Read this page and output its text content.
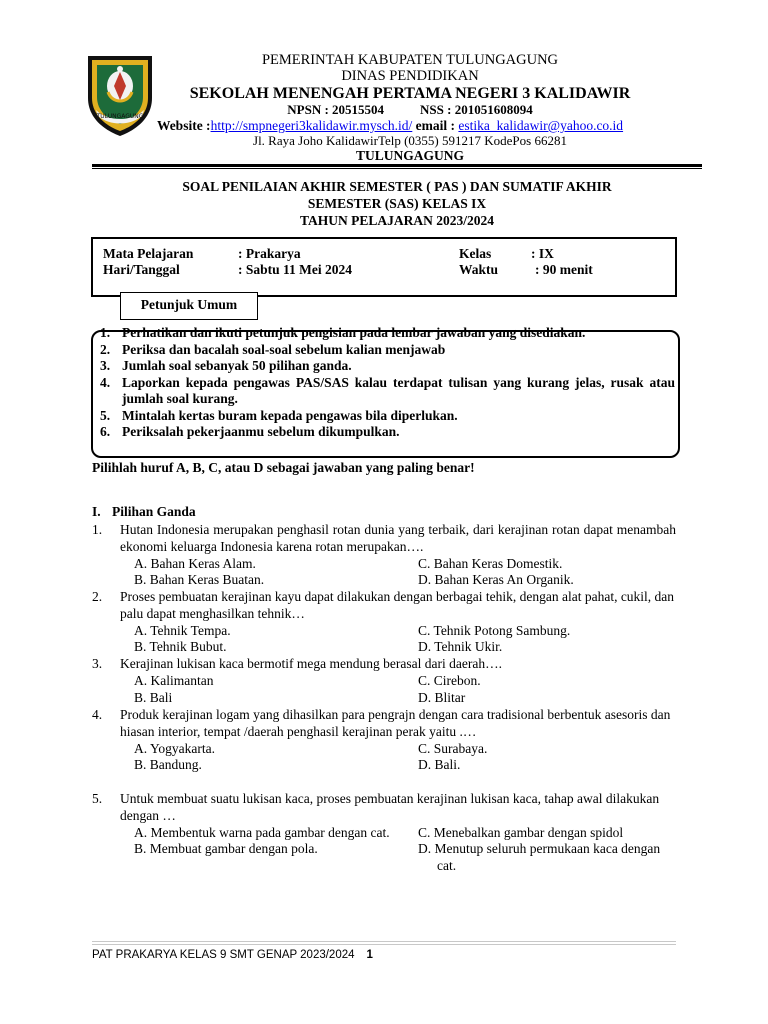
TULUNGAGUNG
PEMERINTAH KABUPATEN TULUNGAGUNG
DINAS PENDIDIKAN
SEKOLAH MENENGAH PERTAMA NEGERI 3 KALIDAWIR
NPSN : 20515504	NSS : 201051608094
Website :http://smpnegeri3kalidawir.mysch.id/ email : estika_kalidawir@yahoo.co.id
Jl. Raya Joho KalidawirTelp (0355) 591217 KodePos 66281
TULUNGAGUNG
SOAL PENILAIAN AKHIR SEMESTER ( PAS ) DAN SUMATIF AKHIR
SEMESTER (SAS) KELAS IX
TAHUN PELAJARAN 2023/2024
Mata Pelajaran	: Prakarya	Kelas	: IX
Hari/Tanggal	: Sabtu 11 Mei 2024	Waktu	: 90 menit
Petunjuk Umum
1. Perhatikan dan ikuti petunjuk pengisian pada lembar jawaban yang disediakan.
2. Periksa dan bacalah soal-soal sebelum kalian menjawab
3. Jumlah soal sebanyak 50 pilihan ganda.
4. Laporkan kepada pengawas PAS/SAS kalau terdapat tulisan yang kurang jelas, rusak atau jumlah soal kurang.
5. Mintalah kertas buram kepada pengawas bila diperlukan.
6. Periksalah pekerjaanmu sebelum dikumpulkan.
Pilihlah huruf A, B, C, atau D sebagai jawaban yang paling benar!
I. Pilihan Ganda
1. Hutan Indonesia merupakan penghasil rotan dunia yang terbaik, dari kerajinan rotan dapat menambah ekonomi keluarga Indonesia karena rotan merupakan….
A. Bahan Keras Alam.	C. Bahan Keras Domestik.
B. Bahan Keras Buatan.	D. Bahan Keras An Organik.
2. Proses pembuatan kerajinan kayu dapat dilakukan dengan berbagai tehik, dengan alat pahat, cukil, dan palu dapat menghasilkan tehnik…
A. Tehnik Tempa.	C. Tehnik Potong Sambung.
B. Tehnik Bubut.	D. Tehnik Ukir.
3. Kerajinan lukisan kaca bermotif mega mendung berasal dari daerah….
A. Kalimantan	C. Cirebon.
B. Bali	D. Blitar
4. Produk kerajinan logam yang dihasilkan para pengrajn dengan cara tradisional berbentuk asesoris dan hiasan interior, tempat /daerah penghasil kerajinan perak yaitu .…
A. Yogyakarta.	C. Surabaya.
B. Bandung.	D. Bali.
5. Untuk membuat suatu lukisan kaca, proses pembuatan kerajinan lukisan kaca, tahap awal dilakukan dengan …
A. Membentuk warna pada gambar dengan cat.	C. Menebalkan gambar dengan spidol
B. Membuat gambar dengan pola.	D. Menutup seluruh permukaan kaca dengan cat.
PAT PRAKARYA KELAS 9 SMT GENAP 2023/2024 1
